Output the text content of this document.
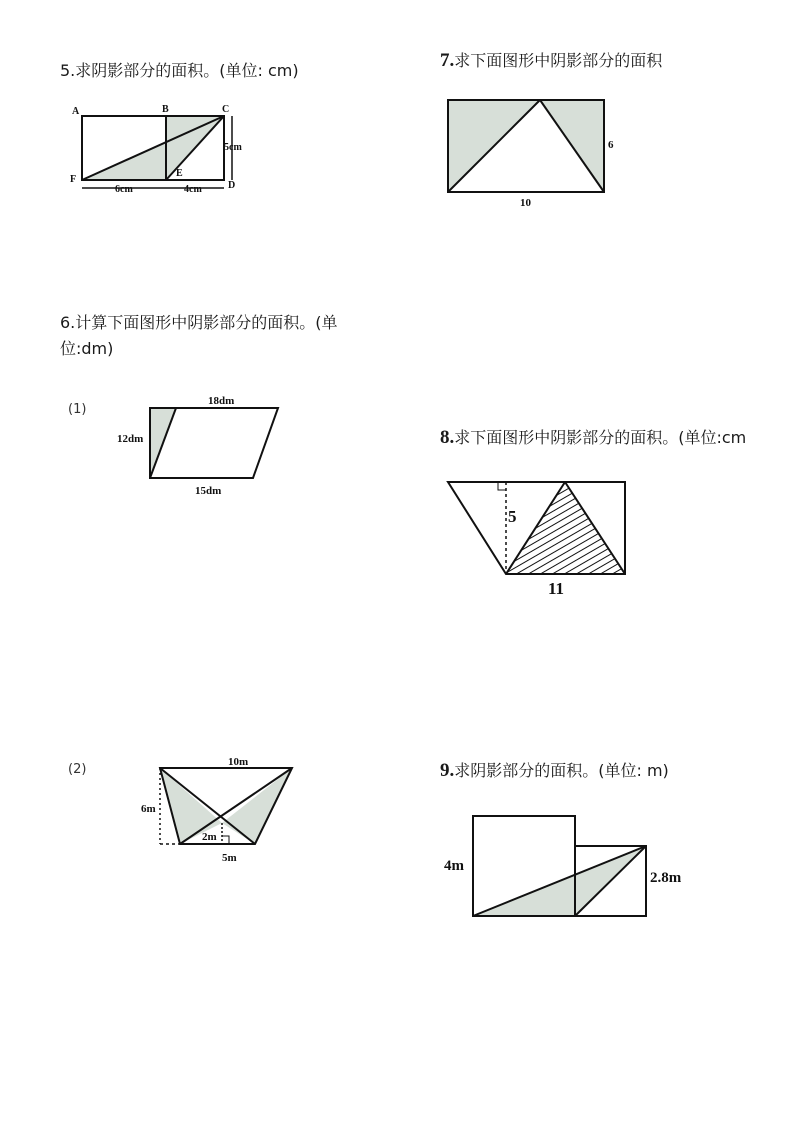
5.求阴影部分的面积。(单位: cm)
A	B	C
D
E
F
5cm
6cm	4cm
6.计算下面图形中阴影部分的面积。(单
位:dm)
(1)
18dm
12dm
15dm
(2)	10m
6m
2m
5m
7.求下面图形中阴影部分的面积
6
10
8.求下面图形中阴影部分的面积。(单位:cm
5
11
9.求阴影部分的面积。(单位: m)
4m
2.8m
